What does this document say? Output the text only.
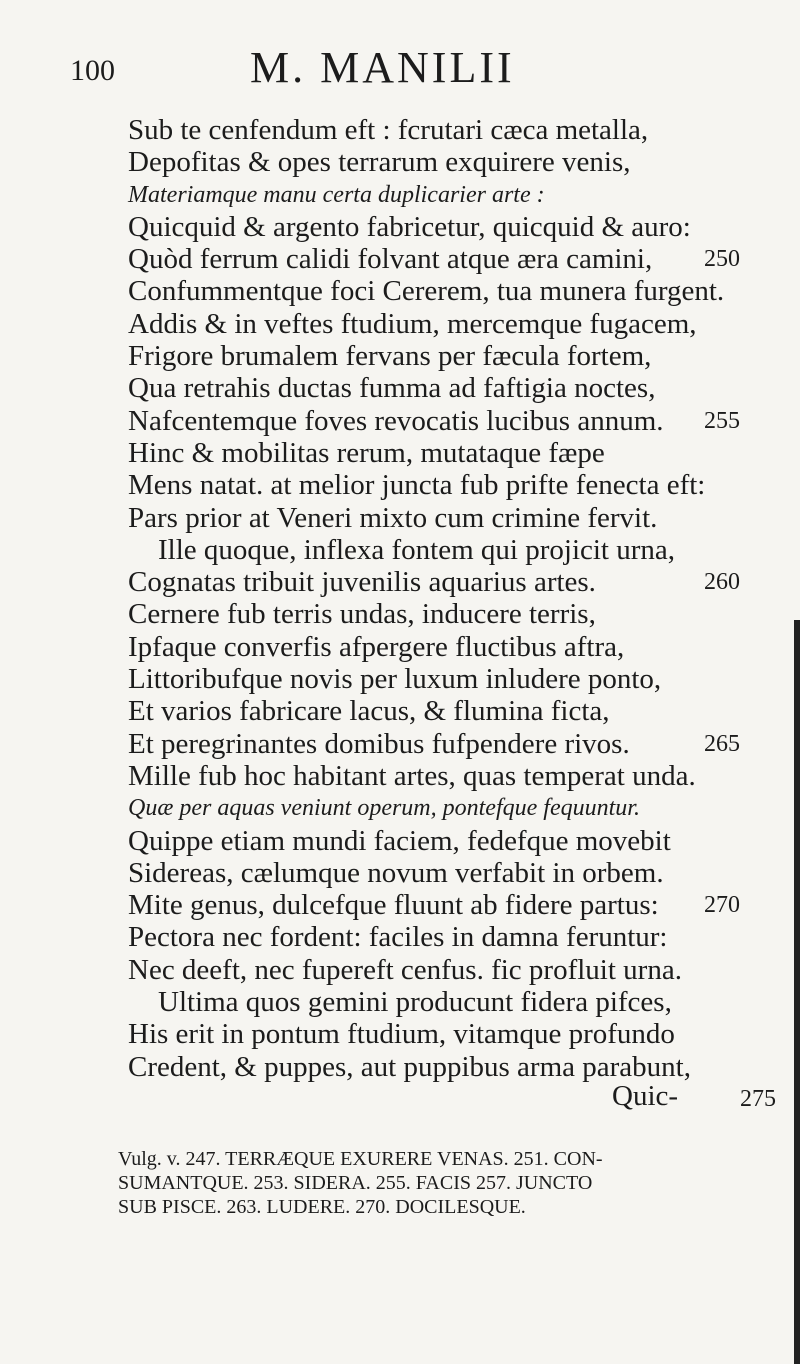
100	M. MANILII
Sub te cenfendum eft : fcrutari cæca metalla,
Depofitas & opes terrarum exquirere venis,
Materiamque manu certa duplicarier arte :
Quicquid & argento fabricetur, quicquid & auro:
Quòd ferrum calidi folvant atque æra camini, 250
Confummentque foci Cererem, tua munera furgent.
Addis & in veftes ftudium, mercemque fugacem,
Frigore brumalem fervans per fæcula fortem,
Qua retrahis ductas fumma ad faftigia noctes,
Nafcentemque foves revocatis lucibus annum. 255
Hinc & mobilitas rerum, mutataque fæpe
Mens natat. at melior juncta fub prifte fenecta eft:
Pars prior at Veneri mixto cum crimine fervit.
Ille quoque, inflexa fontem qui projicit urna,
Cognatas tribuit juvenilis aquarius artes.	260
Cernere fub terris undas, inducere terris,
Ipfaque converfis afpergere fluctibus aftra,
Littoribufque novis per luxum inludere ponto,
Et varios fabricare lacus, & flumina ficta,
Et peregrinantes domibus fufpendere rivos.	265
Mille fub hoc habitant artes, quas temperat unda.
Quæ per aquas veniunt operum, pontefque fequuntur.
Quippe etiam mundi faciem, fedefque movebit
Sidereas, cælumque novum verfabit in orbem.
Mite genus, dulcefque fluunt ab fidere partus: 270
Pectora nec fordent: faciles in damna feruntur:
Nec deeft, nec fupereft cenfus. fic profluit urna.
Ultima quos gemini producunt fidera pifces,
His erit in pontum ftudium, vitamque profundo
Credent, & puppes, aut puppibus arma parabunt,
275
Quic-
Vulg. v. 247. TERRÆQUE EXURERE VENAS. 251. CON-
SUMANTQUE. 253. SIDERA. 255. FACIS 257. JUNCTO
SUB PISCE. 263. LUDERE. 270. DOCILESQUE.
